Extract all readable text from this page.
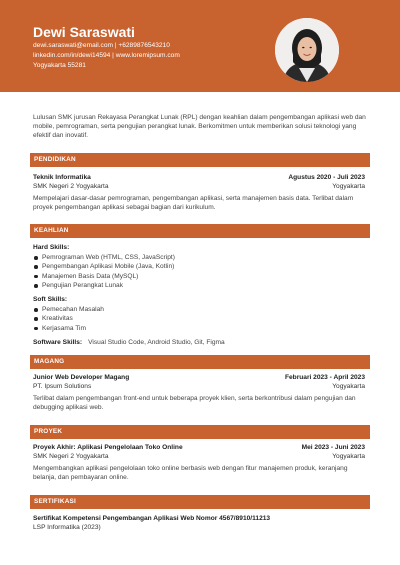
Dewi Saraswati
dewi.saraswati@email.com | +6289876543210
linkedin.com/in/dewi14594 | www.loremipsum.com
Yogyakarta 55281
Lulusan SMK jurusan Rekayasa Perangkat Lunak (RPL) dengan keahlian dalam pengembangan aplikasi web dan mobile, pemrograman, serta pengujian perangkat lunak. Berkomitmen untuk memberikan solusi teknologi yang efektif dan inovatif.
PENDIDIKAN
Teknik Informatika	Agustus 2020 - Juli 2023
SMK Negeri 2 Yogyakarta	Yogyakarta
Mempelajari dasar-dasar pemrograman, pengembangan aplikasi, serta manajemen basis data. Terlibat dalam proyek pengembangan aplikasi sebagai bagian dari kurikulum.
KEAHLIAN
Hard Skills:
Pemrograman Web (HTML, CSS, JavaScript)
Pengembangan Aplikasi Mobile (Java, Kotlin)
Manajemen Basis Data (MySQL)
Pengujian Perangkat Lunak
Soft Skills:
Pemecahan Masalah
Kreativitas
Kerjasama Tim
Software Skills: Visual Studio Code, Android Studio, Git, Figma
MAGANG
Junior Web Developer Magang	Februari 2023 - April 2023
PT. Ipsum Solutions	Yogyakarta
Terlibat dalam pengembangan front-end untuk beberapa proyek klien, serta berkontribusi dalam pengujian dan debugging aplikasi web.
PROYEK
Proyek Akhir: Aplikasi Pengelolaan Toko Online	Mei 2023 - Juni 2023
SMK Negeri 2 Yogyakarta	Yogyakarta
Mengembangkan aplikasi pengelolaan toko online berbasis web dengan fitur manajemen produk, keranjang belanja, dan pembayaran online.
SERTIFIKASI
Sertifikat Kompetensi Pengembangan Aplikasi Web Nomor 4567/8910/11213
LSP Informatika (2023)
